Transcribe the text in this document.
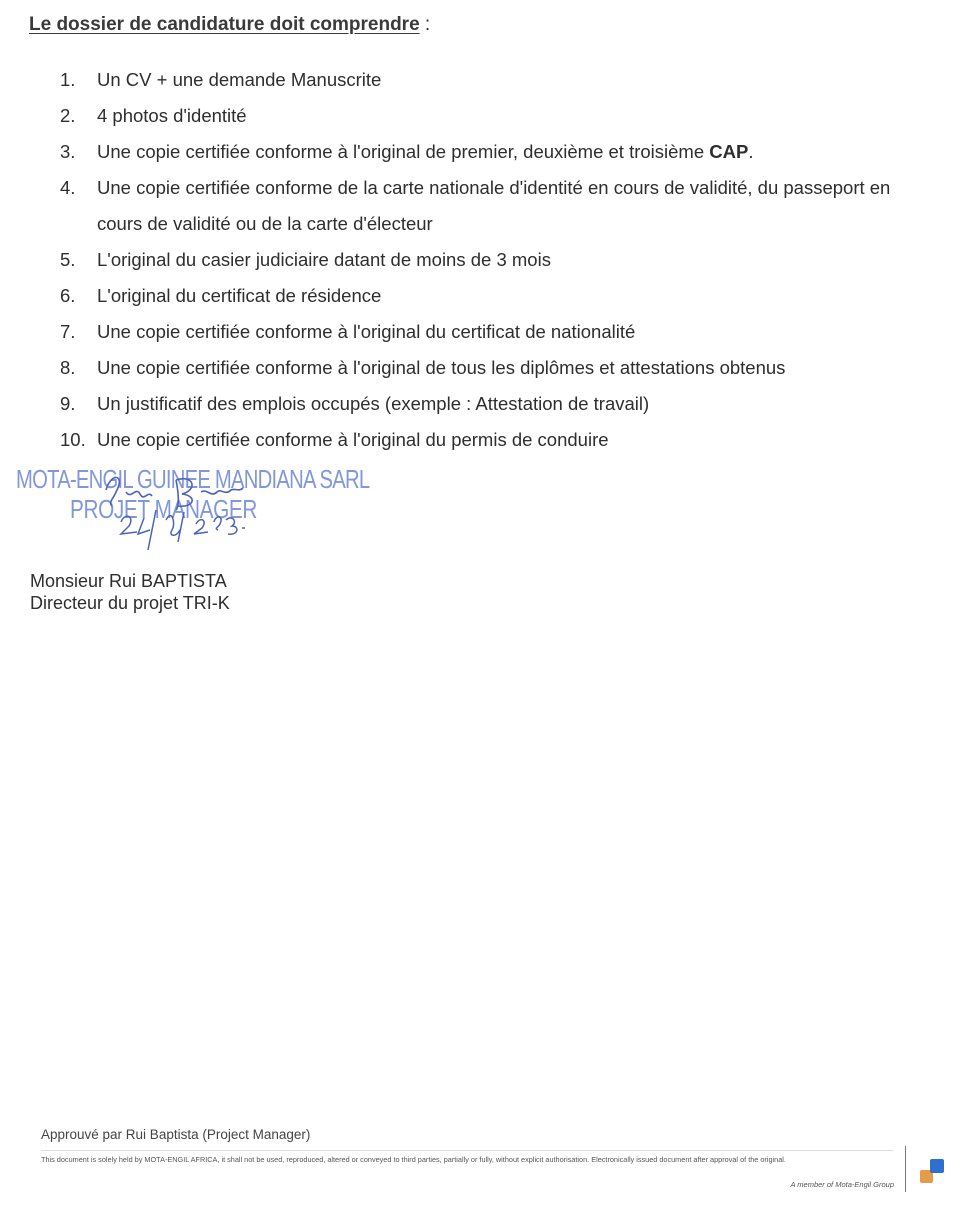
Le dossier de candidature doit comprendre :
1. Un CV + une demande Manuscrite
2. 4 photos d'identité
3. Une copie certifiée conforme à l'original de premier, deuxième et troisième CAP.
4. Une copie certifiée conforme de la carte nationale d'identité en cours de validité, du passeport en cours de validité ou de la carte d'électeur
5. L'original du casier judiciaire datant de moins de 3 mois
6. L'original du certificat de résidence
7. Une copie certifiée conforme à l'original du certificat de nationalité
8. Une copie certifiée conforme à l'original de tous les diplômes et attestations obtenus
9. Un justificatif des emplois occupés (exemple : Attestation de travail)
10. Une copie certifiée conforme à l'original du permis de conduire
MOTA-ENGIL GUINEE MANDIANA SARL
PROJET MANAGER
Monsieur Rui BAPTISTA
Directeur du projet TRI-K
Approuvé par Rui Baptista (Project Manager)
This document is solely held by MOTA-ENGIL AFRICA, it shall not be used, reproduced, altered or conveyed to third parties, partially or fully, without explicit authorisation. Electronically issued document after approval of the original.
A member of Mota-Engil Group
